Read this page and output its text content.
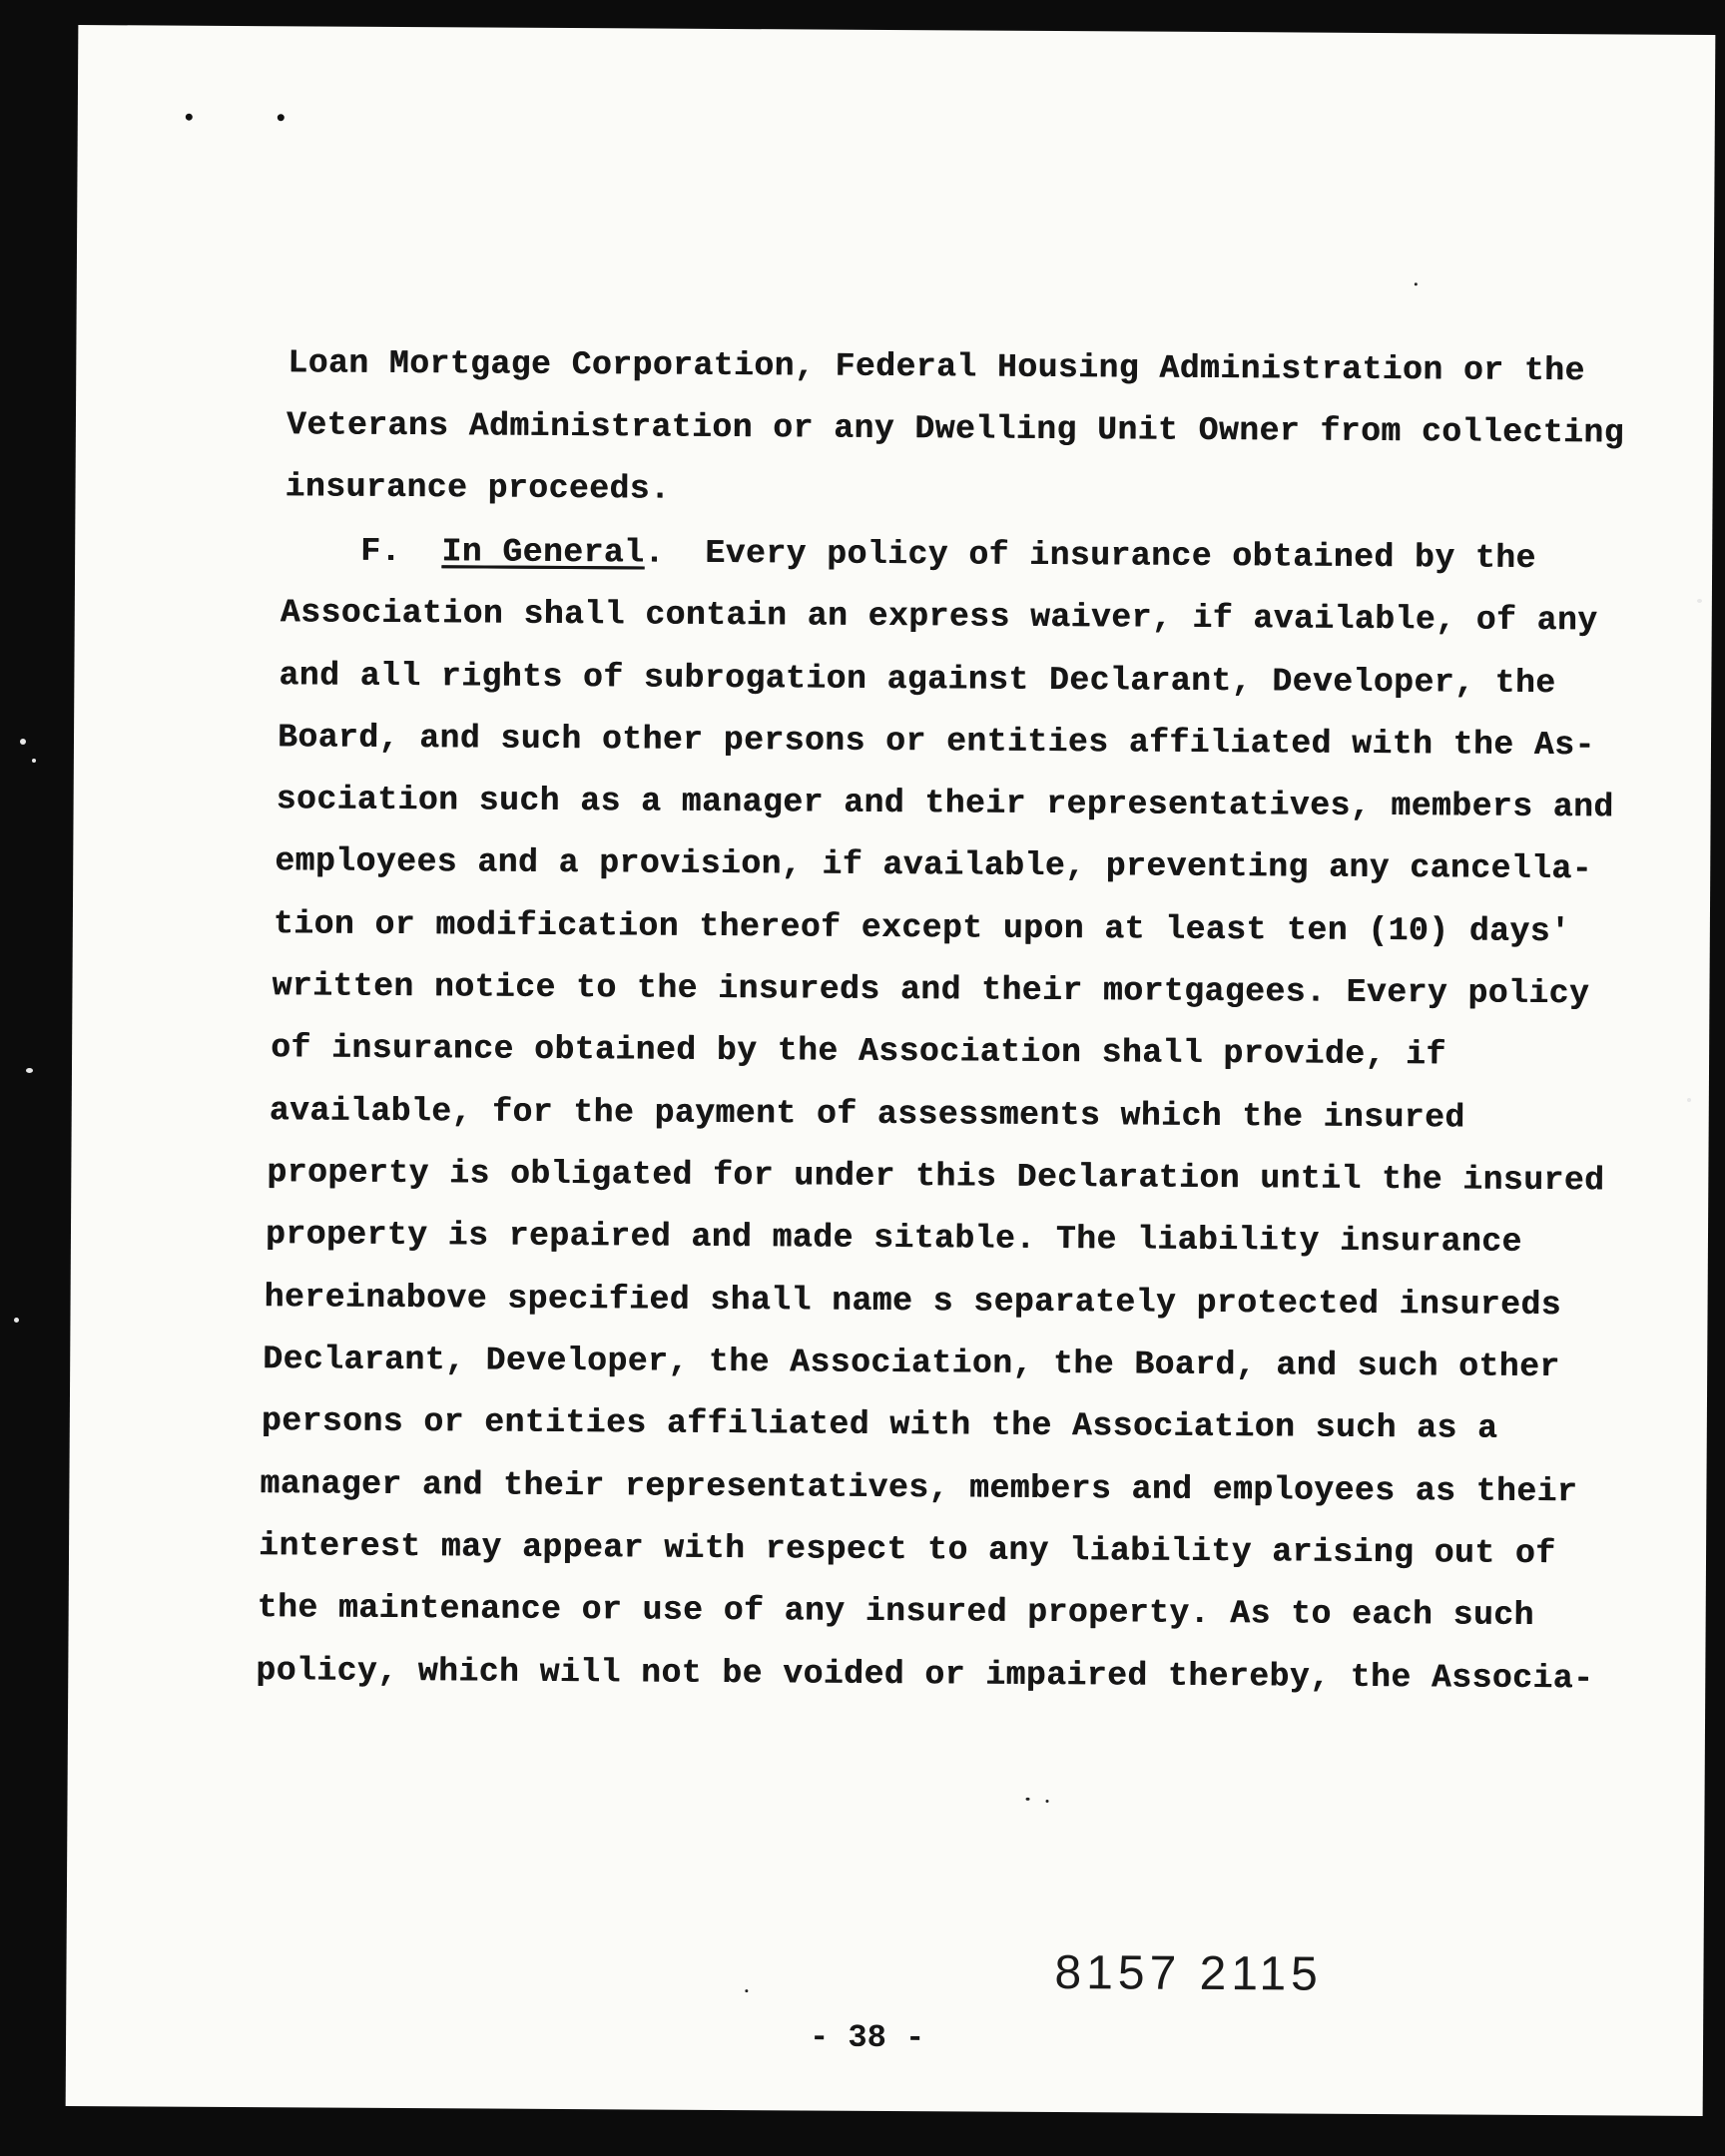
Loan Mortgage Corporation, Federal Housing Administration or the
Veterans Administration or any Dwelling Unit Owner from collecting
insurance proceeds.
F. In General. Every policy of insurance obtained by the
Association shall contain an express waiver, if available, of any
and all rights of subrogation against Declarant, Developer, the
Board, and such other persons or entities affiliated with the As-
sociation such as a manager and their representatives, members and
employees and a provision, if available, preventing any cancella-
tion or modification thereof except upon at least ten (10) days'
written notice to the insureds and their mortgagees. Every policy
of insurance obtained by the Association shall provide, if
available, for the payment of assessments which the insured
property is obligated for under this Declaration until the insured
property is repaired and made sitable. The liability insurance
hereinabove specified shall name s separately protected insureds
Declarant, Developer, the Association, the Board, and such other
persons or entities affiliated with the Association such as a
manager and their representatives, members and employees as their
interest may appear with respect to any liability arising out of
the maintenance or use of any insured property. As to each such
policy, which will not be voided or impaired thereby, the Associa-
8157 2115
- 38 -
